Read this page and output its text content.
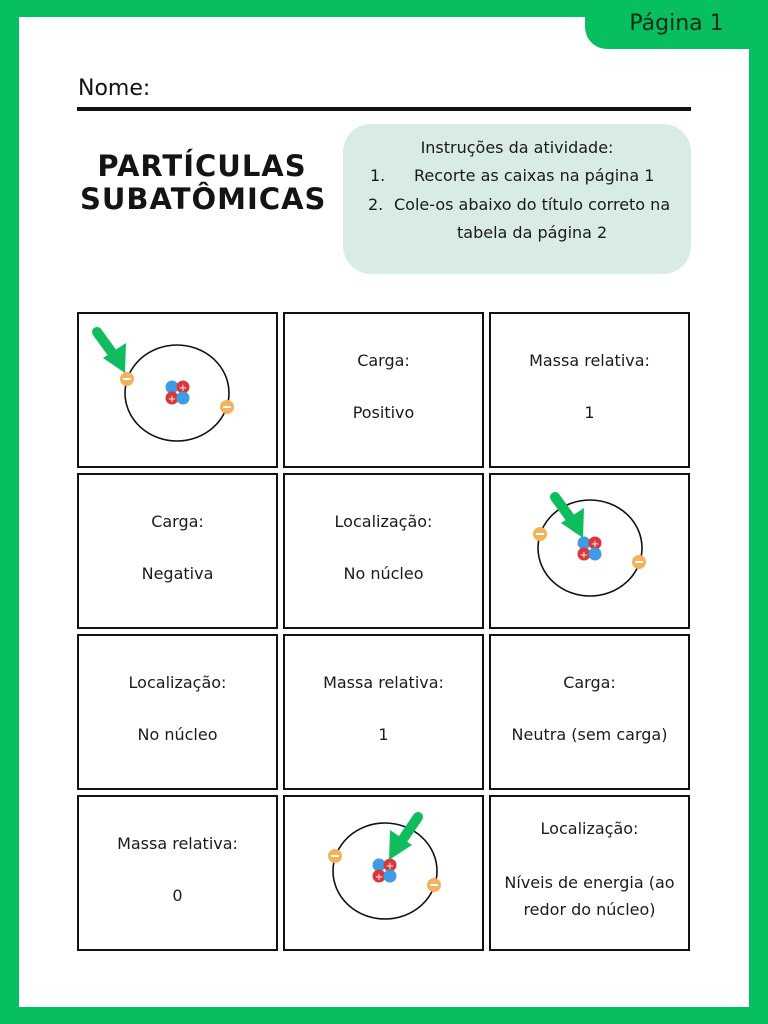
Página 1
Nome:
PARTÍCULAS
SUBATÔMICAS
Instruções da atividade:
1. Recorte as caixas na página 1
2. Cole-os abaixo do título correto na
tabela da página 2
+
+
Carga:
Positivo
Massa relativa:
1
Carga:
Negativa
Localização:
No núcleo
+
+
Localização:
No núcleo
Massa relativa:
1
Carga:
Neutra (sem carga)
Massa relativa:
0
+
+
Localização:
Níveis de energia (ao
redor do núcleo)
